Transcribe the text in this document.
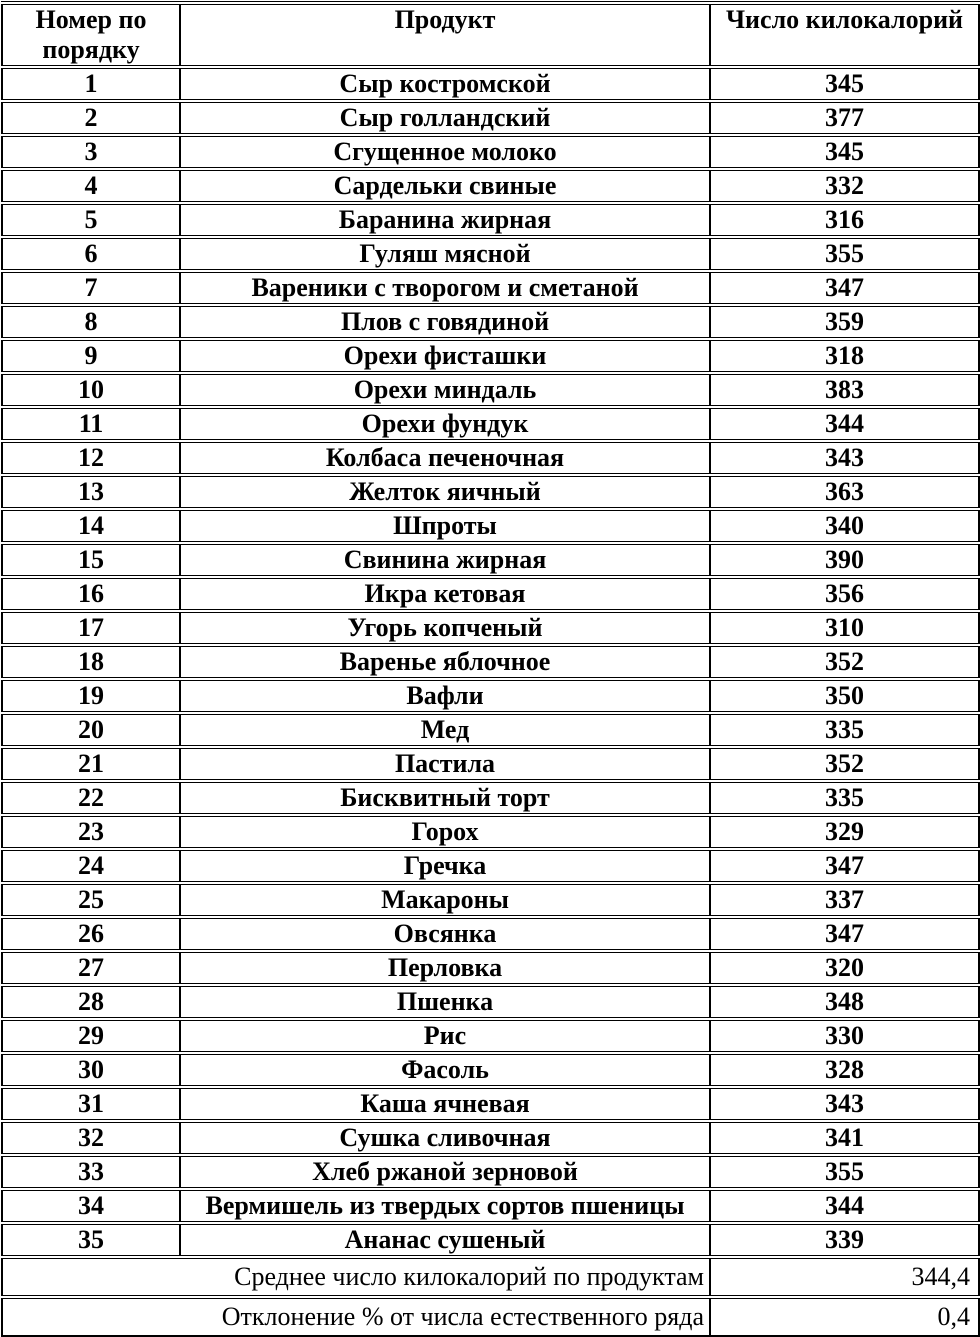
Номер по порядку	Продукт	Число килокалорий
1	Сыр костромской	345
2	Сыр голландский	377
3	Сгущенное молоко	345
4	Сардельки свиные	332
5	Баранина жирная	316
6	Гуляш мясной	355
7	Вареники с творогом и сметаной	347
8	Плов с говядиной	359
9	Орехи фисташки	318
10	Орехи миндаль	383
11	Орехи фундук	344
12	Колбаса печеночная	343
13	Желток яичный	363
14	Шпроты	340
15	Свинина жирная	390
16	Икра кетовая	356
17	Угорь копченый	310
18	Варенье яблочное	352
19	Вафли	350
20	Мед	335
21	Пастила	352
22	Бисквитный торт	335
23	Горох	329
24	Гречка	347
25	Макароны	337
26	Овсянка	347
27	Перловка	320
28	Пшенка	348
29	Рис	330
30	Фасоль	328
31	Каша ячневая	343
32	Сушка сливочная	341
33	Хлеб ржаной зерновой	355
34	Вермишель из твердых сортов пшеницы	344
35	Ананас сушеный	339
Среднее число килокалорий по продуктам		344,4
Отклонение % от числа естественного ряда		0,4
